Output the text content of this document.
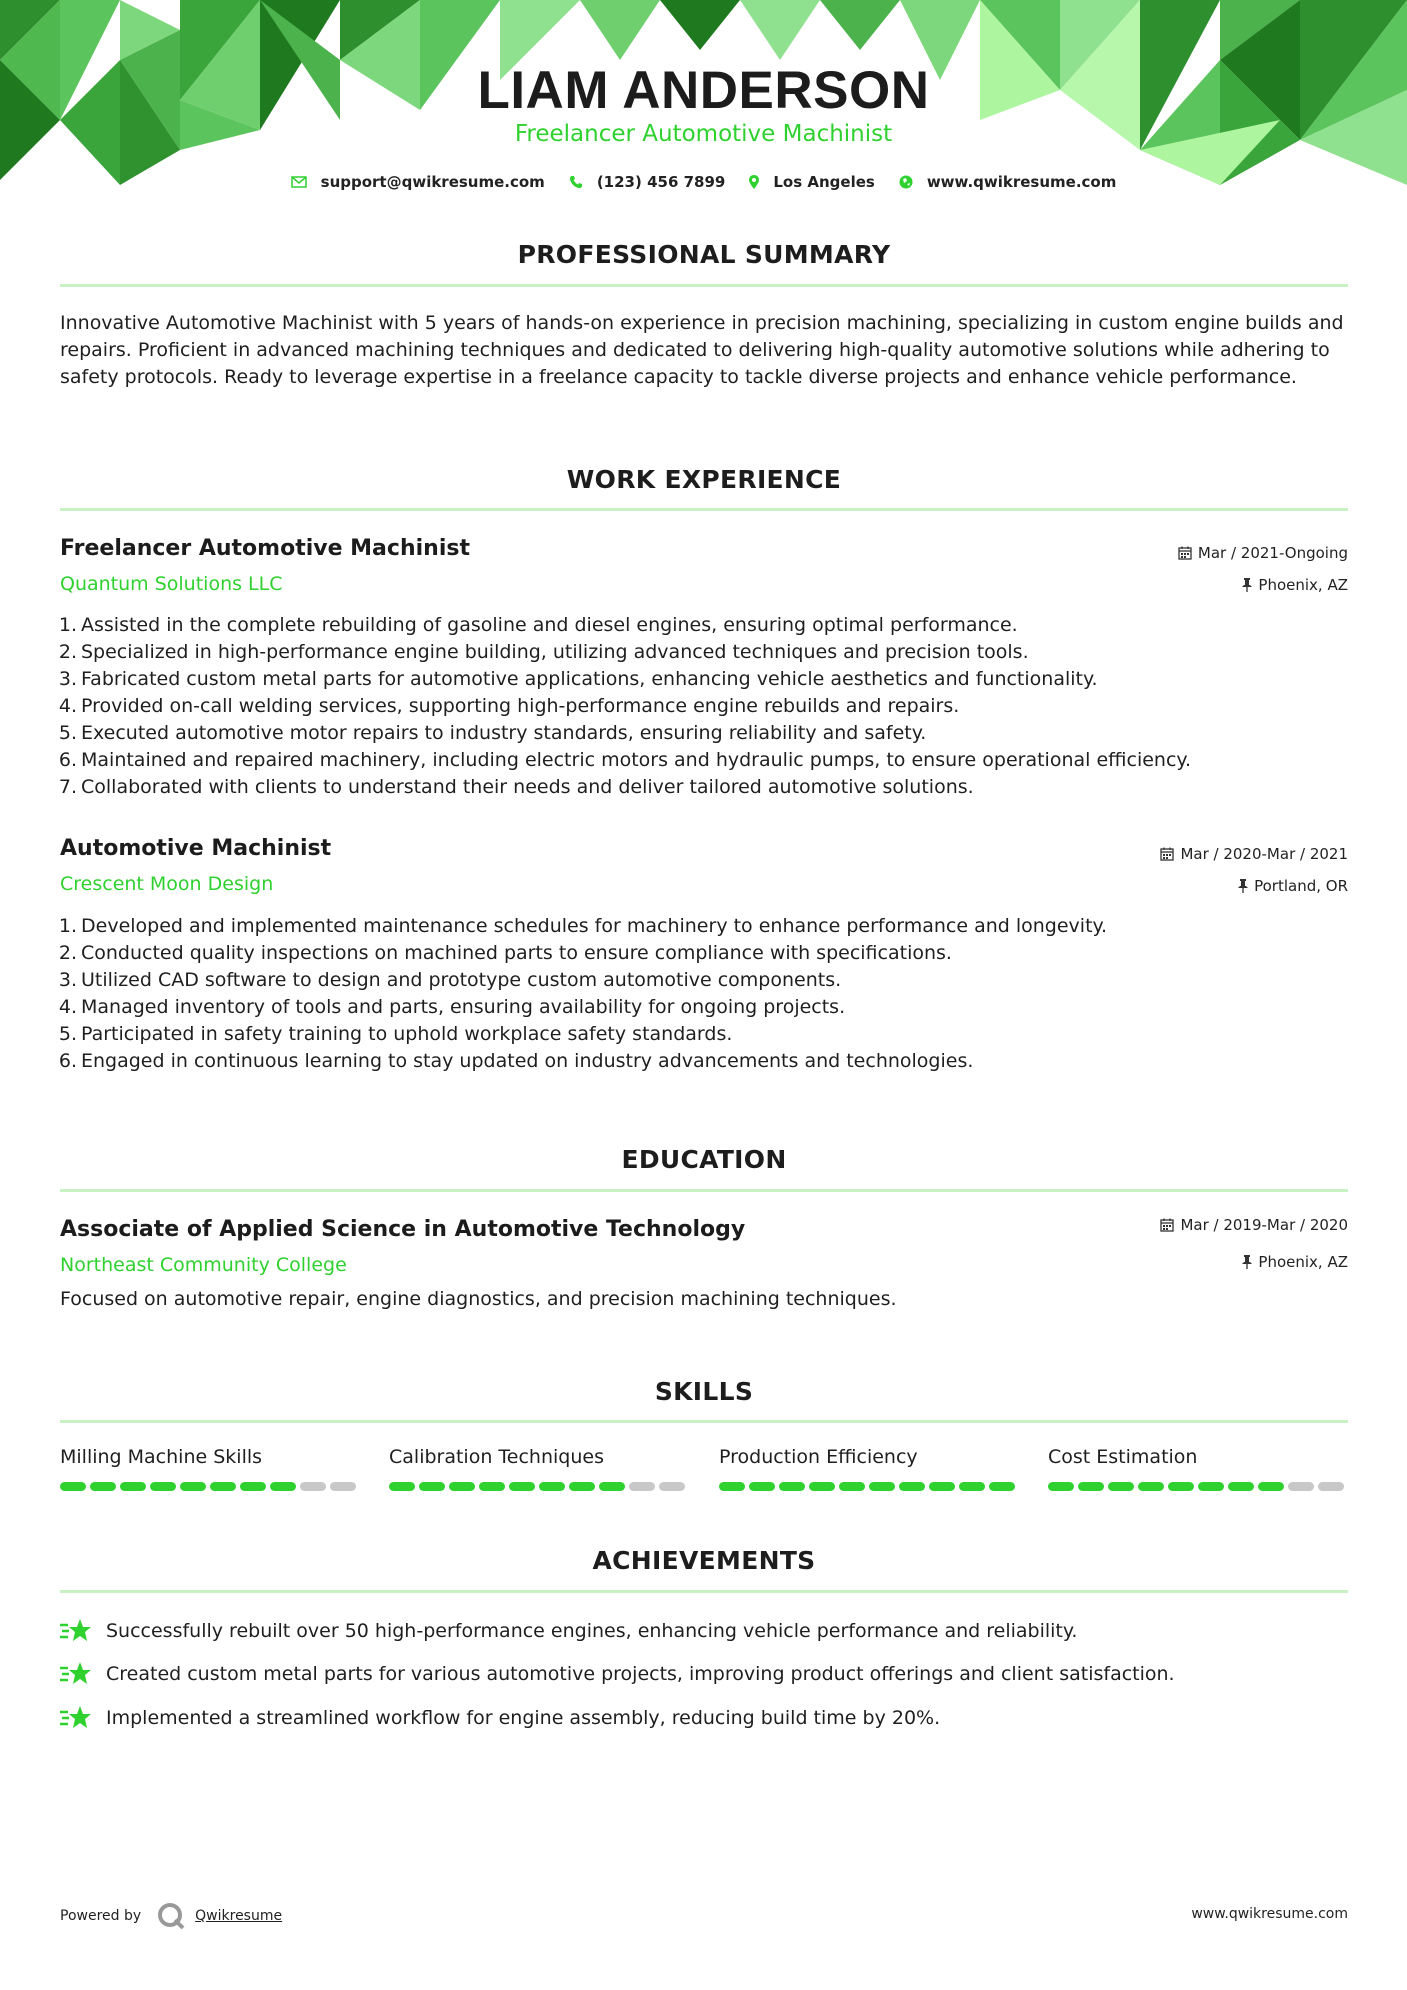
LIAM ANDERSON
Freelancer Automotive Machinist
support@qwikresume.com	(123) 456 7899	Los Angeles	www.qwikresume.com
PROFESSIONAL SUMMARY

Innovative Automotive Machinist with 5 years of hands-on experience in precision machining, specializing in custom engine builds and repairs. Proficient in advanced machining techniques and dedicated to delivering high-quality automotive solutions while adhering to safety protocols. Ready to leverage expertise in a freelance capacity to tackle diverse projects and enhance vehicle performance.

WORK EXPERIENCE
Freelancer Automotive Machinist
Quantum Solutions LLC
Mar / 2021-Ongoing
Phoenix, AZ
1. Assisted in the complete rebuilding of gasoline and diesel engines, ensuring optimal performance.
2. Specialized in high-performance engine building, utilizing advanced techniques and precision tools.
3. Fabricated custom metal parts for automotive applications, enhancing vehicle aesthetics and functionality.
4. Provided on-call welding services, supporting high-performance engine rebuilds and repairs.
5. Executed automotive motor repairs to industry standards, ensuring reliability and safety.
6. Maintained and repaired machinery, including electric motors and hydraulic pumps, to ensure operational efficiency.
7. Collaborated with clients to understand their needs and deliver tailored automotive solutions.
Automotive Machinist
Crescent Moon Design
Mar / 2020-Mar / 2021
Portland, OR
1. Developed and implemented maintenance schedules for machinery to enhance performance and longevity.
2. Conducted quality inspections on machined parts to ensure compliance with specifications.
3. Utilized CAD software to design and prototype custom automotive components.
4. Managed inventory of tools and parts, ensuring availability for ongoing projects.
5. Participated in safety training to uphold workplace safety standards.
6. Engaged in continuous learning to stay updated on industry advancements and technologies.
EDUCATION
Associate of Applied Science in Automotive Technology
Northeast Community College
Mar / 2019-Mar / 2020
Phoenix, AZ
Focused on automotive repair, engine diagnostics, and precision machining techniques.
SKILLS
Milling Machine Skills	Calibration Techniques	Production Efficiency	Cost Estimation
ACHIEVEMENTS
Successfully rebuilt over 50 high-performance engines, enhancing vehicle performance and reliability.
Created custom metal parts for various automotive projects, improving product offerings and client satisfaction.
Implemented a streamlined workflow for engine assembly, reducing build time by 20%.
Powered by	Qwikresume	www.qwikresume.com
